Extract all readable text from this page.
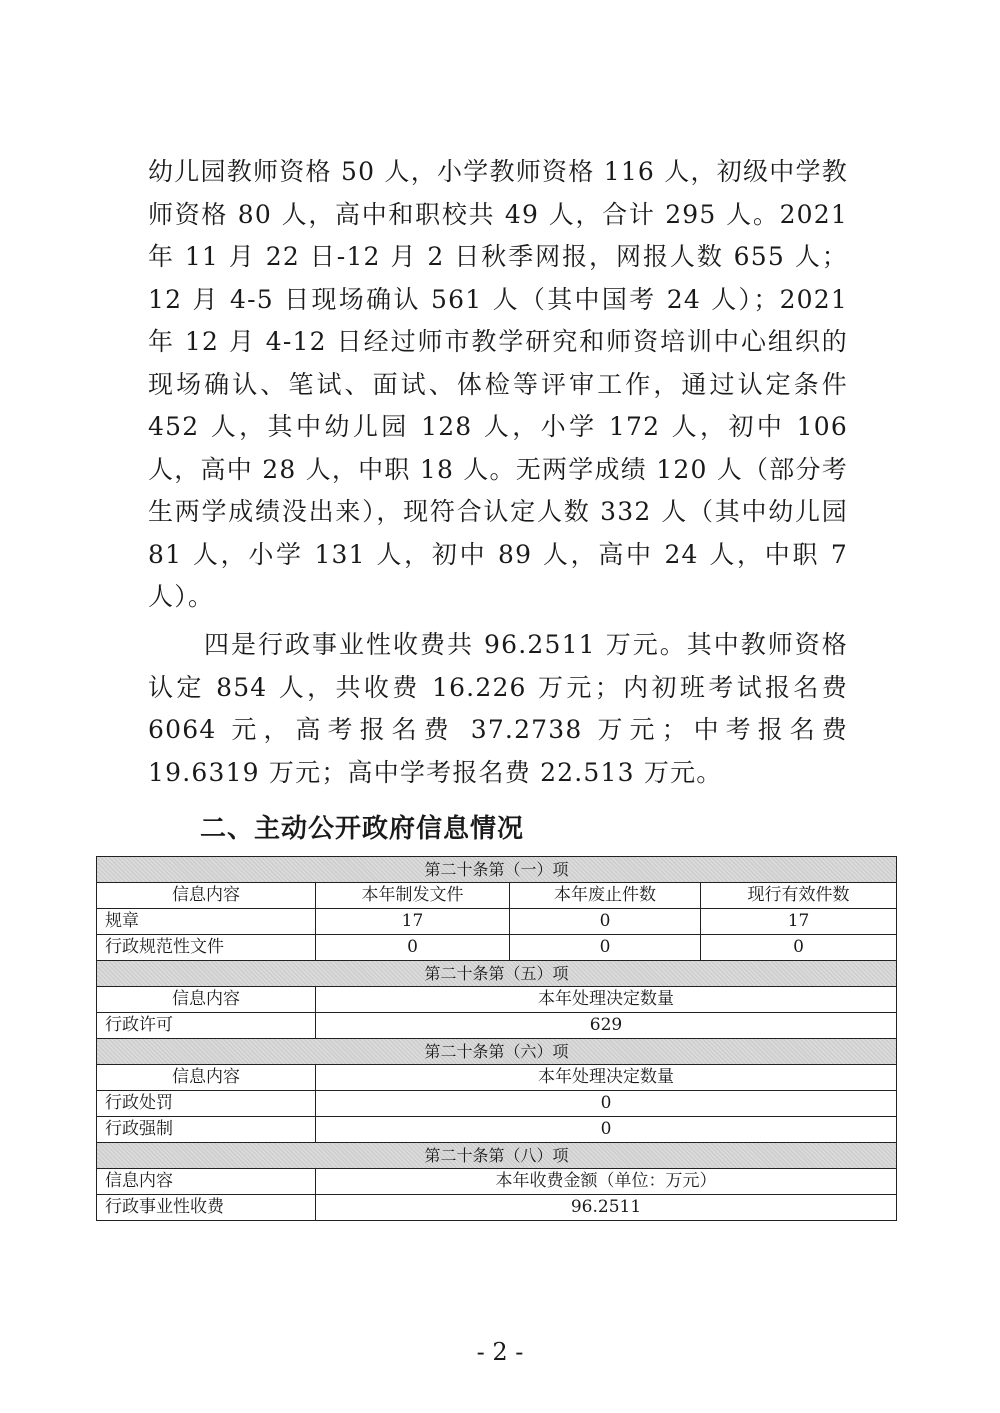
幼儿园教师资格 50 人，小学教师资格 116 人，初级中学教师资格 80 人，高中和职校共 49 人，合计 295 人。2021 年 11 月 22 日-12 月 2 日秋季网报，网报人数 655 人；12 月 4-5 日现场确认 561 人（其中国考 24 人）；2021 年 12 月 4-12 日经过师市教学研究和师资培训中心组织的现场确认、笔试、面试、体检等评审工作，通过认定条件 452 人，其中幼儿园 128 人，小学 172 人，初中 106 人，高中 28 人，中职 18 人。无两学成绩 120 人（部分考生两学成绩没出来），现符合认定人数 332 人（其中幼儿园 81 人，小学 131 人，初中 89 人，高中 24 人，中职 7 人）。

四是行政事业性收费共 96.2511 万元。其中教师资格认定 854 人，共收费 16.226 万元；内初班考试报名费 6064 元，高考报名费 37.2738 万元；中考报名费 19.6319 万元；高中学考报名费 22.513 万元。

二、主动公开政府信息情况
第二十条第（一）项			
信息内容	本年制发文件	本年废止件数	现行有效件数
规章	17	0	17
行政规范性文件	0	0	0
第二十条第（五）项			
信息内容	本年处理决定数量		
行政许可	629		
第二十条第（六）项			
信息内容	本年处理决定数量		
行政处罚	0		
行政强制	0		
第二十条第（八）项			
信息内容	本年收费金额（单位：万元）		
行政事业性收费	96.2511		

- 2 -
